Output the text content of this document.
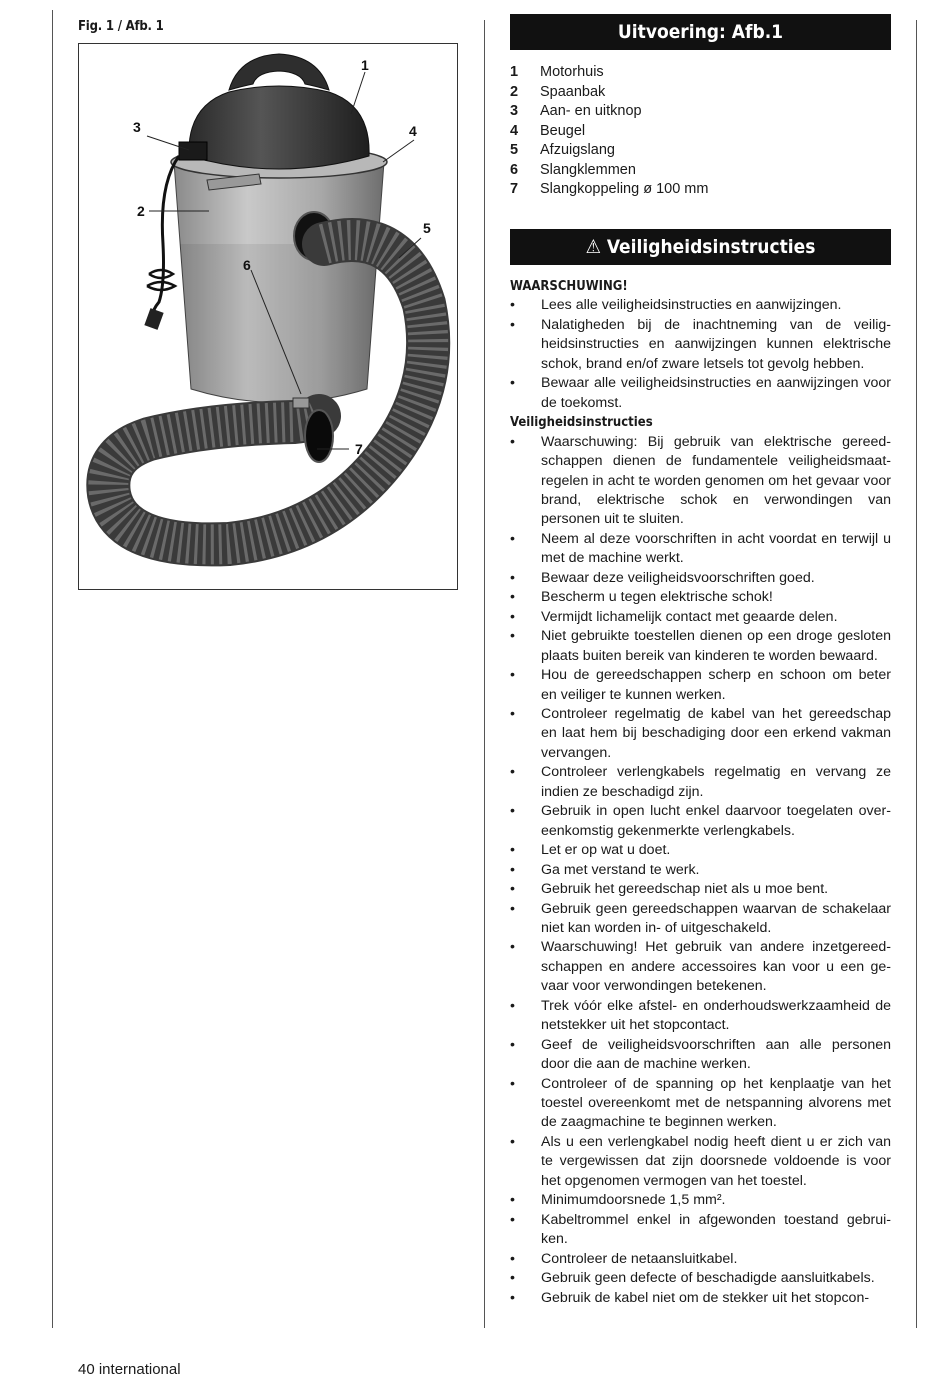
Fig. 1 / Afb. 1
1
2
3	4
5
6
7
Uitvoering: Afb.1
1 Motorhuis
2 Spaanbak
3 Aan- en uitknop
4 Beugel
5 Afzuigslang
6 Slangklemmen
7 Slangkoppeling ø 100 mm
⚠ Veiligheidsinstructies
WAARSCHUWING!
• Lees alle veiligheidsinstructies en aanwijzingen.
• Nalatigheden bij de inachtneming van de veiligheidsinstructies en aanwijzingen kunnen elektrische schok, brand en/of zware letsels tot gevolg hebben.
• Bewaar alle veiligheidsinstructies en aanwijzingen voor de toekomst.
Veiligheidsinstructies
• Waarschuwing: Bij gebruik van elektrische gereedschappen dienen de fundamentele veiligheidsmaatregelen in acht te worden genomen om het gevaar voor brand, elektrische schok en verwondingen van personen uit te sluiten.
• Neem al deze voorschriften in acht voordat en terwijl u met de machine werkt.
• Bewaar deze veiligheidsvoorschriften goed.
• Bescherm u tegen elektrische schok!
• Vermijdt lichamelijk contact met geaarde delen.
• Niet gebruikte toestellen dienen op een droge gesloten plaats buiten bereik van kinderen te worden bewaard.
• Hou de gereedschappen scherp en schoon om beter en veiliger te kunnen werken.
• Controleer regelmatig de kabel van het gereedschap en laat hem bij beschadiging door een erkend vakman vervangen.
• Controleer verlengkabels regelmatig en vervang ze indien ze beschadigd zijn.
• Gebruik in open lucht enkel daarvoor toegelaten overeenkomstig gekenmerkte verlengkabels.
• Let er op wat u doet.
• Ga met verstand te werk.
• Gebruik het gereedschap niet als u moe bent.
• Gebruik geen gereedschappen waarvan de schakelaar niet kan worden in- of uitgeschakeld.
• Waarschuwing! Het gebruik van andere inzetgereedschappen en andere accessoires kan voor u een gevaar voor verwondingen betekenen.
• Trek vóór elke afstel- en onderhoudswerkzaamheid de netstekker uit het stopcontact.
• Geef de veiligheidsvoorschriften aan alle personen door die aan de machine werken.
• Controleer of de spanning op het kenplaatje van het toestel overeenkomt met de netspanning alvorens met de zaagmachine te beginnen werken.
• Als u een verlengkabel nodig heeft dient u er zich van te vergewissen dat zijn doorsnede voldoende is voor het opgenomen vermogen van het toestel.
• Minimumdoorsnede 1,5 mm².
• Kabeltrommel enkel in afgewonden toestand gebruiken.
• Controleer de netaansluitkabel.
• Gebruik geen defecte of beschadigde aansluitkabels.
• Gebruik de kabel niet om de stekker uit het stopcon-
40 international
